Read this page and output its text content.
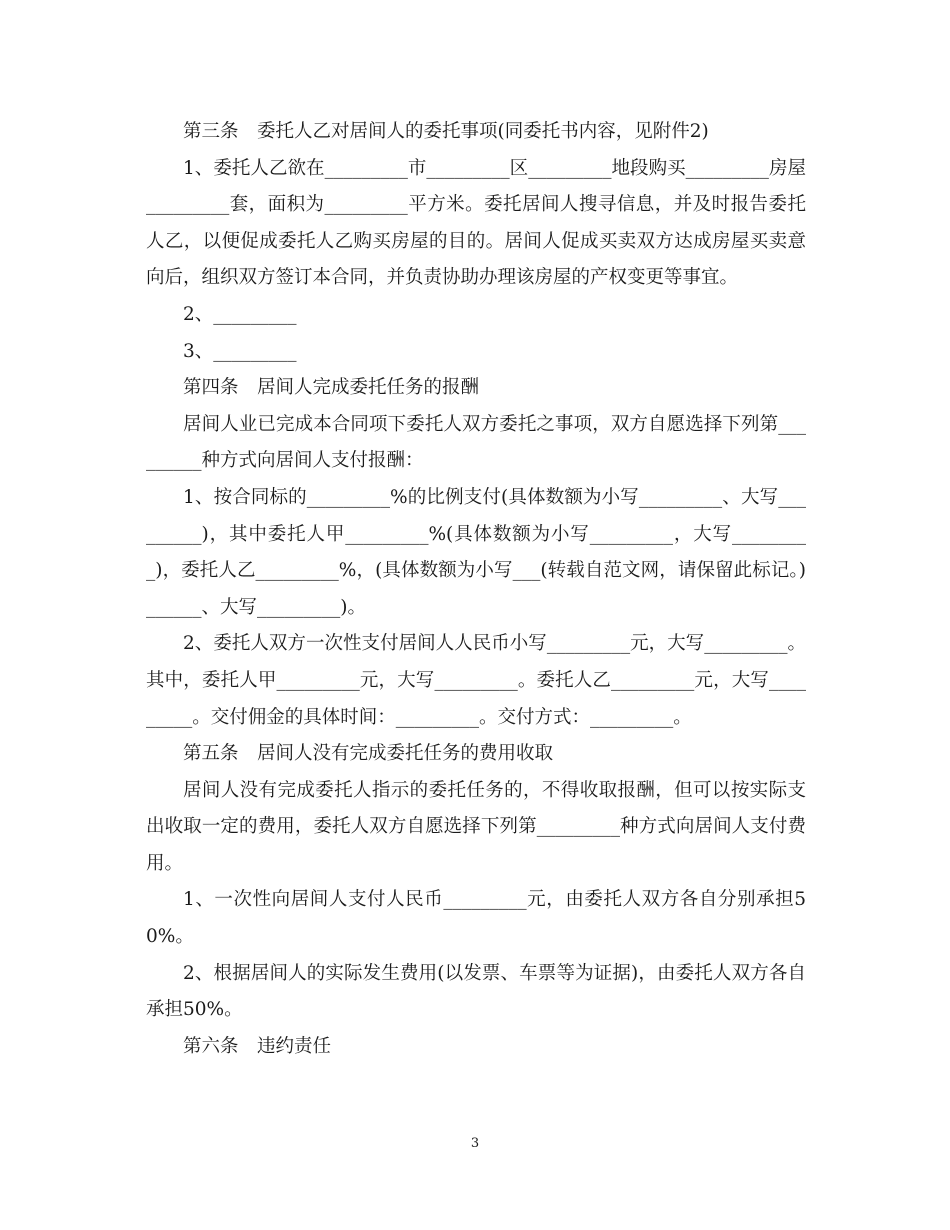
第三条　委托人乙对居间人的委托事项(同委托书内容，见附件2)

1、委托人乙欲在_________市_________区_________地段购买_________房屋_________套，面积为_________平方米。委托居间人搜寻信息，并及时报告委托人乙，以便促成委托人乙购买房屋的目的。居间人促成买卖双方达成房屋买卖意向后，组织双方签订本合同，并负责协助办理该房屋的产权变更等事宜。

2、_________

3、_________

第四条　居间人完成委托任务的报酬

居间人业已完成本合同项下委托人双方委托之事项，双方自愿选择下列第_________种方式向居间人支付报酬：

1、按合同标的_________%的比例支付(具体数额为小写_________、大写_________)，其中委托人甲_________%(具体数额为小写_________，大写_________)，委托人乙_________%，(具体数额为小写___(转载自范文网，请保留此标记。)______、大写_________)。

2、委托人双方一次性支付居间人人民币小写_________元，大写_________。其中，委托人甲_________元，大写_________。委托人乙_________元，大写_________。交付佣金的具体时间：_________。交付方式：_________。

第五条　居间人没有完成委托任务的费用收取

居间人没有完成委托人指示的委托任务的，不得收取报酬，但可以按实际支出收取一定的费用，委托人双方自愿选择下列第_________种方式向居间人支付费用。

1、一次性向居间人支付人民币_________元，由委托人双方各自分别承担50%。

2、根据居间人的实际发生费用(以发票、车票等为证据)，由委托人双方各自承担50%。

第六条　违约责任

3
